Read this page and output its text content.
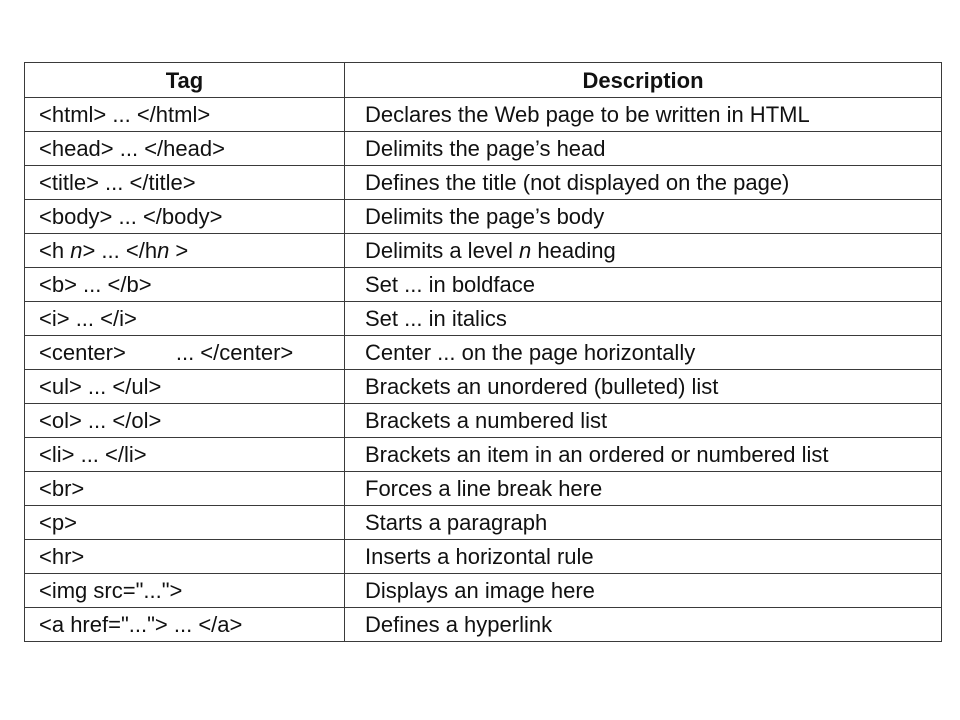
Tag	Description
<html> ... </html>	Declares the Web page to be written in HTML
<head> ... </head>	Delimits the page’s head
<title> ... </title>	Defines the title (not displayed on the page)
<body> ... </body>	Delimits the page’s body
<h n> ... </hn >	Delimits a level n heading
<b> ... </b>	Set ... in boldface
<i> ... </i>	Set ... in italics
<center> ... </center>	Center ... on the page horizontally
<ul> ... </ul>	Brackets an unordered (bulleted) list
<ol> ... </ol>	Brackets a numbered list
<li> ... </li>	Brackets an item in an ordered or numbered list
<br>	Forces a line break here
<p>	Starts a paragraph
<hr>	Inserts a horizontal rule
<img src="...">	Displays an image here
<a href="..."> ... </a>	Defines a hyperlink
